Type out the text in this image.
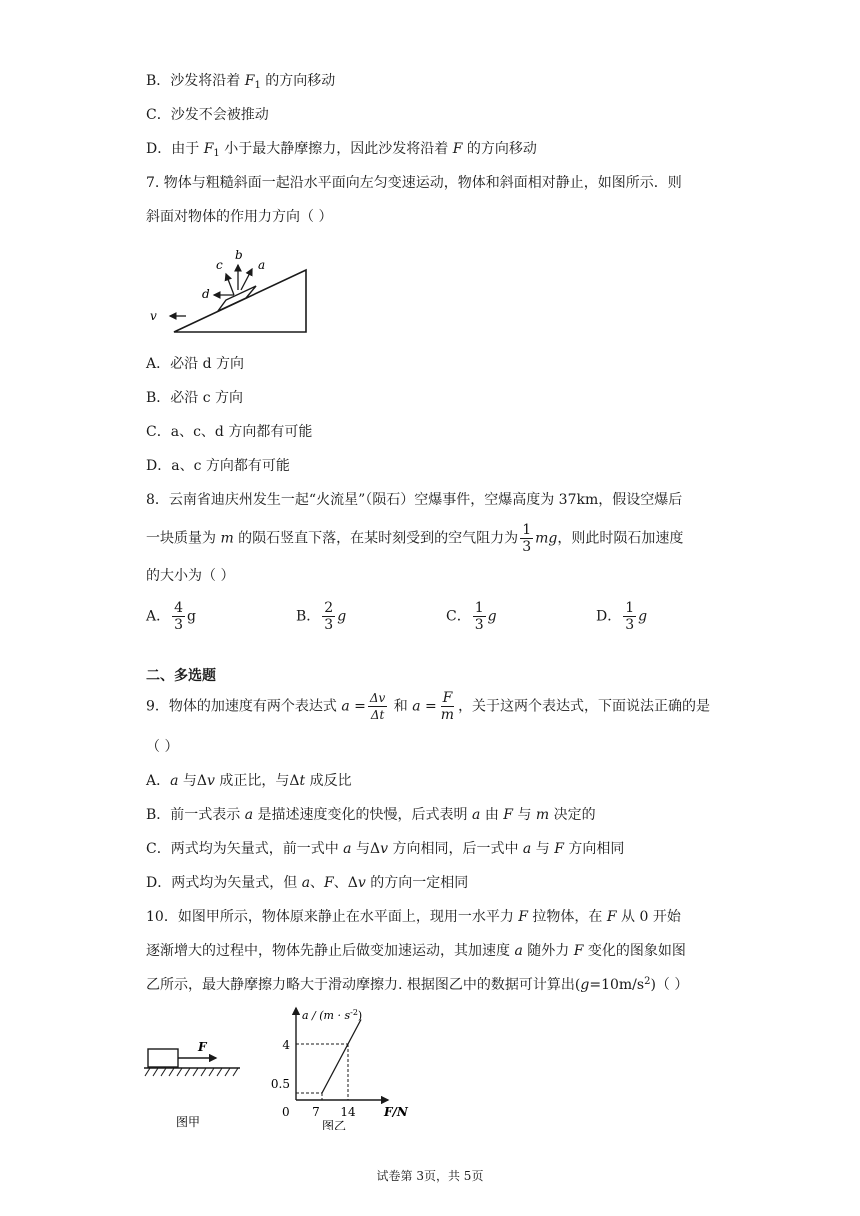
B．沙发将沿着 $F_1$ 的方向移动
C．沙发不会被推动
D．由于 $F_1$ 小于最大静摩擦力，因此沙发将沿着 F 的方向移动
7. 物体与粗糙斜面一起沿水平面向左匀变速运动，物体和斜面相对静止，如图所示．则
斜面对物体的作用力方向（ ）
c
b
a
d
v
A．必沿 d 方向
B．必沿 c 方向
C．a、c、d 方向都有可能
D．a、c 方向都有可能
8．云南省迪庆州发生一起“火流星”（陨石）空爆事件，空爆高度为 37km，假设空爆后
一块质量为 m 的陨石竖直下落，在某时刻受到的空气阻力为 $\frac{1}{3}$ mg，则此时陨石加速度
的大小为（ ）
A． $\frac{4}{3}$ g	B． $\frac{2}{3}$ g	C． $\frac{1}{3}$ g	D． $\frac{1}{3}$ g
二、多选题
9．物体的加速度有两个表达式 $a = \frac{\Delta v}{\Delta t}$ 和 $a = \frac{F}{m}$ ，关于这两个表达式，下面说法正确的是
（ ）
A．a 与Δv 成正比，与Δt 成反比
B．前一式表示 a 是描述速度变化的快慢，后式表明 a 由 F 与 m 决定的
C．两式均为矢量式，前一式中 a 与Δv 方向相同，后一式中 a 与 F 方向相同
D．两式均为矢量式，但 a、F、Δv 的方向一定相同
10．如图甲所示，物体原来静止在水平面上，现用一水平力 F 拉物体，在 F 从 0 开始
逐渐增大的过程中，物体先静止后做变加速运动，其加速度 a 随外力 F 变化的图象如图
乙所示，最大静摩擦力略大于滑动摩擦力. 根据图乙中的数据可计算出$(g=10m/s^2)$（ ）
F
图甲
$a / (m \cdot s^{-2})$
F/N
0 7 14
0.5
4
图乙
试卷第 3页，共 5页
